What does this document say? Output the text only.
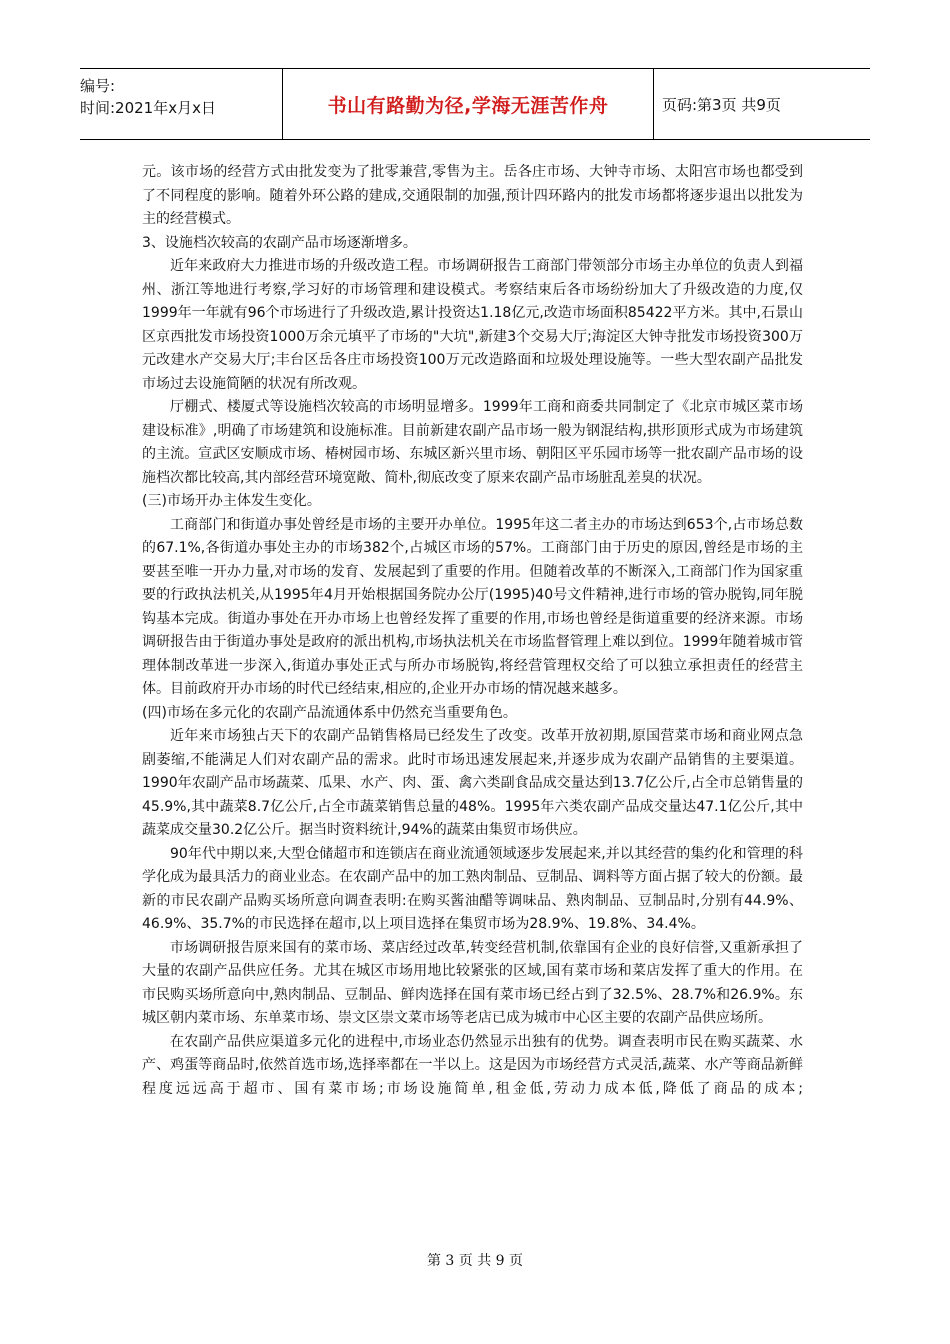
编号:
时间:2021年x月x日	书山有路勤为径,学海无涯苦作舟	页码:第3页 共9页

元。该市场的经营方式由批发变为了批零兼营,零售为主。岳各庄市场、大钟寺市场、太阳宫市场也都受到了不同程度的影响。随着外环公路的建成,交通限制的加强,预计四环路内的批发市场都将逐步退出以批发为主的经营模式。

3、设施档次较高的农副产品市场逐渐增多。

近年来政府大力推进市场的升级改造工程。市场调研报告工商部门带领部分市场主办单位的负责人到福州、浙江等地进行考察,学习好的市场管理和建设模式。考察结束后各市场纷纷加大了升级改造的力度,仅1999年一年就有96个市场进行了升级改造,累计投资达1.18亿元,改造市场面积85422平方米。其中,石景山区京西批发市场投资1000万余元填平了市场的"大坑",新建3个交易大厅;海淀区大钟寺批发市场投资300万元改建水产交易大厅;丰台区岳各庄市场投资100万元改造路面和垃圾处理设施等。一些大型农副产品批发市场过去设施简陋的状况有所改观。

厅棚式、楼厦式等设施档次较高的市场明显增多。1999年工商和商委共同制定了《北京市城区菜市场建设标准》,明确了市场建筑和设施标准。目前新建农副产品市场一般为钢混结构,拱形顶形式成为市场建筑的主流。宣武区安顺成市场、椿树园市场、东城区新兴里市场、朝阳区平乐园市场等一批农副产品市场的设施档次都比较高,其内部经营环境宽敞、简朴,彻底改变了原来农副产品市场脏乱差臭的状况。

(三)市场开办主体发生变化。

工商部门和街道办事处曾经是市场的主要开办单位。1995年这二者主办的市场达到653个,占市场总数的67.1%,各街道办事处主办的市场382个,占城区市场的57%。工商部门由于历史的原因,曾经是市场的主要甚至唯一开办力量,对市场的发育、发展起到了重要的作用。但随着改革的不断深入,工商部门作为国家重要的行政执法机关,从1995年4月开始根据国务院办公厅(1995)40号文件精神,进行市场的管办脱钩,同年脱钩基本完成。街道办事处在开办市场上也曾经发挥了重要的作用,市场也曾经是街道重要的经济来源。市场调研报告由于街道办事处是政府的派出机构,市场执法机关在市场监督管理上难以到位。1999年随着城市管理体制改革进一步深入,街道办事处正式与所办市场脱钩,将经营管理权交给了可以独立承担责任的经营主体。目前政府开办市场的时代已经结束,相应的,企业开办市场的情况越来越多。

(四)市场在多元化的农副产品流通体系中仍然充当重要角色。

近年来市场独占天下的农副产品销售格局已经发生了改变。改革开放初期,原国营菜市场和商业网点急剧萎缩,不能满足人们对农副产品的需求。此时市场迅速发展起来,并逐步成为农副产品销售的主要渠道。1990年农副产品市场蔬菜、瓜果、水产、肉、蛋、禽六类副食品成交量达到13.7亿公斤,占全市总销售量的45.9%,其中蔬菜8.7亿公斤,占全市蔬菜销售总量的48%。1995年六类农副产品成交量达47.1亿公斤,其中蔬菜成交量30.2亿公斤。据当时资料统计,94%的蔬菜由集贸市场供应。

90年代中期以来,大型仓储超市和连锁店在商业流通领域逐步发展起来,并以其经营的集约化和管理的科学化成为最具活力的商业业态。在农副产品中的加工熟肉制品、豆制品、调料等方面占据了较大的份额。最新的市民农副产品购买场所意向调查表明:在购买酱油醋等调味品、熟肉制品、豆制品时,分别有44.9%、46.9%、35.7%的市民选择在超市,以上项目选择在集贸市场为28.9%、19.8%、34.4%。

市场调研报告原来国有的菜市场、菜店经过改革,转变经营机制,依靠国有企业的良好信誉,又重新承担了大量的农副产品供应任务。尤其在城区市场用地比较紧张的区域,国有菜市场和菜店发挥了重大的作用。在市民购买场所意向中,熟肉制品、豆制品、鲜肉选择在国有菜市场已经占到了32.5%、28.7%和26.9%。东城区朝内菜市场、东单菜市场、崇文区崇文菜市场等老店已成为城市中心区主要的农副产品供应场所。

在农副产品供应渠道多元化的进程中,市场业态仍然显示出独有的优势。调查表明市民在购买蔬菜、水产、鸡蛋等商品时,依然首选市场,选择率都在一半以上。这是因为市场经营方式灵活,蔬菜、水产等商品新鲜程度远远高于超市、国有菜市场;市场设施简单,租金低,劳动力成本低,降低了商品的成本;

第 3 页 共 9 页
